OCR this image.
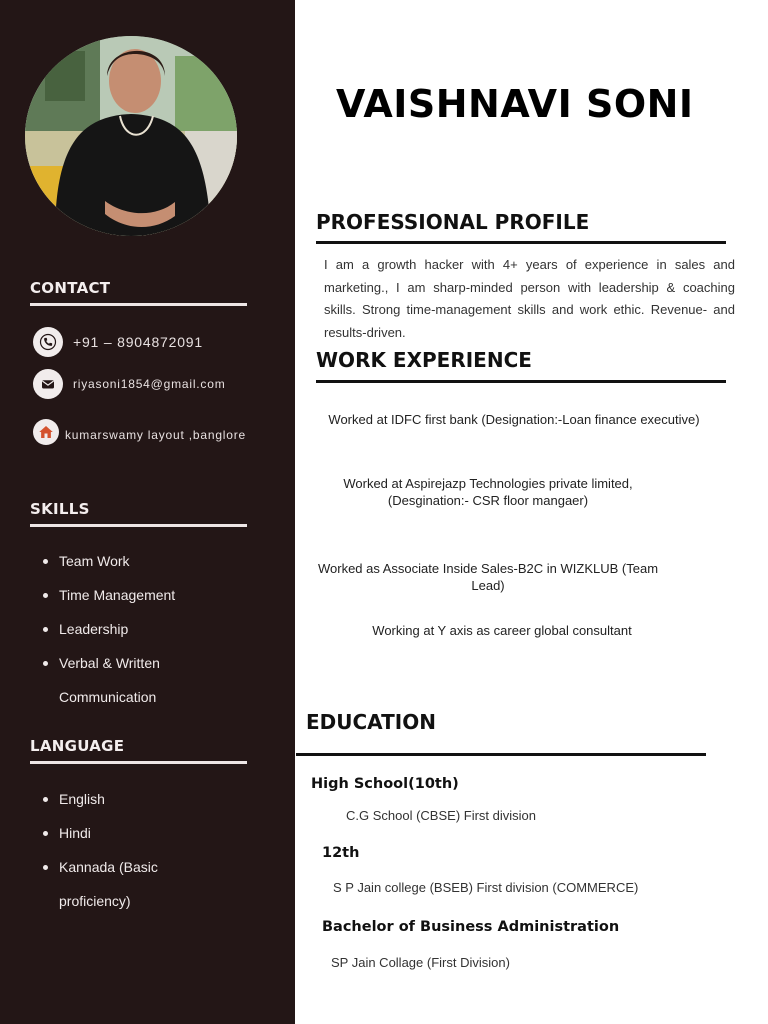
CONTACT
+91 – 8904872091
riyasoni1854@gmail.com
kumarswamy layout ,banglore
SKILLS
Team Work
Time Management
Leadership
Verbal & Written Communication
LANGUAGE
English
Hindi
Kannada (Basic proficiency)
VAISHNAVI SONI
PROFESSIONAL PROFILE
I am a growth hacker with 4+ years of experience in sales and marketing., I am sharp-minded person with leadership & coaching skills. Strong time-management skills and work ethic. Revenue- and results-driven.
WORK EXPERIENCE
Worked at IDFC first bank (Designation:-Loan finance executive)
Worked at Aspirejazp Technologies private limited, (Desgination:- CSR floor mangaer)
Worked as Associate Inside Sales-B2C in WIZKLUB (Team Lead)
Working at Y axis as career global consultant
EDUCATION
High School(10th)
C.G School (CBSE) First division
12th
S P Jain college (BSEB) First division (COMMERCE)
Bachelor of Business Administration
SP Jain Collage (First Division)
